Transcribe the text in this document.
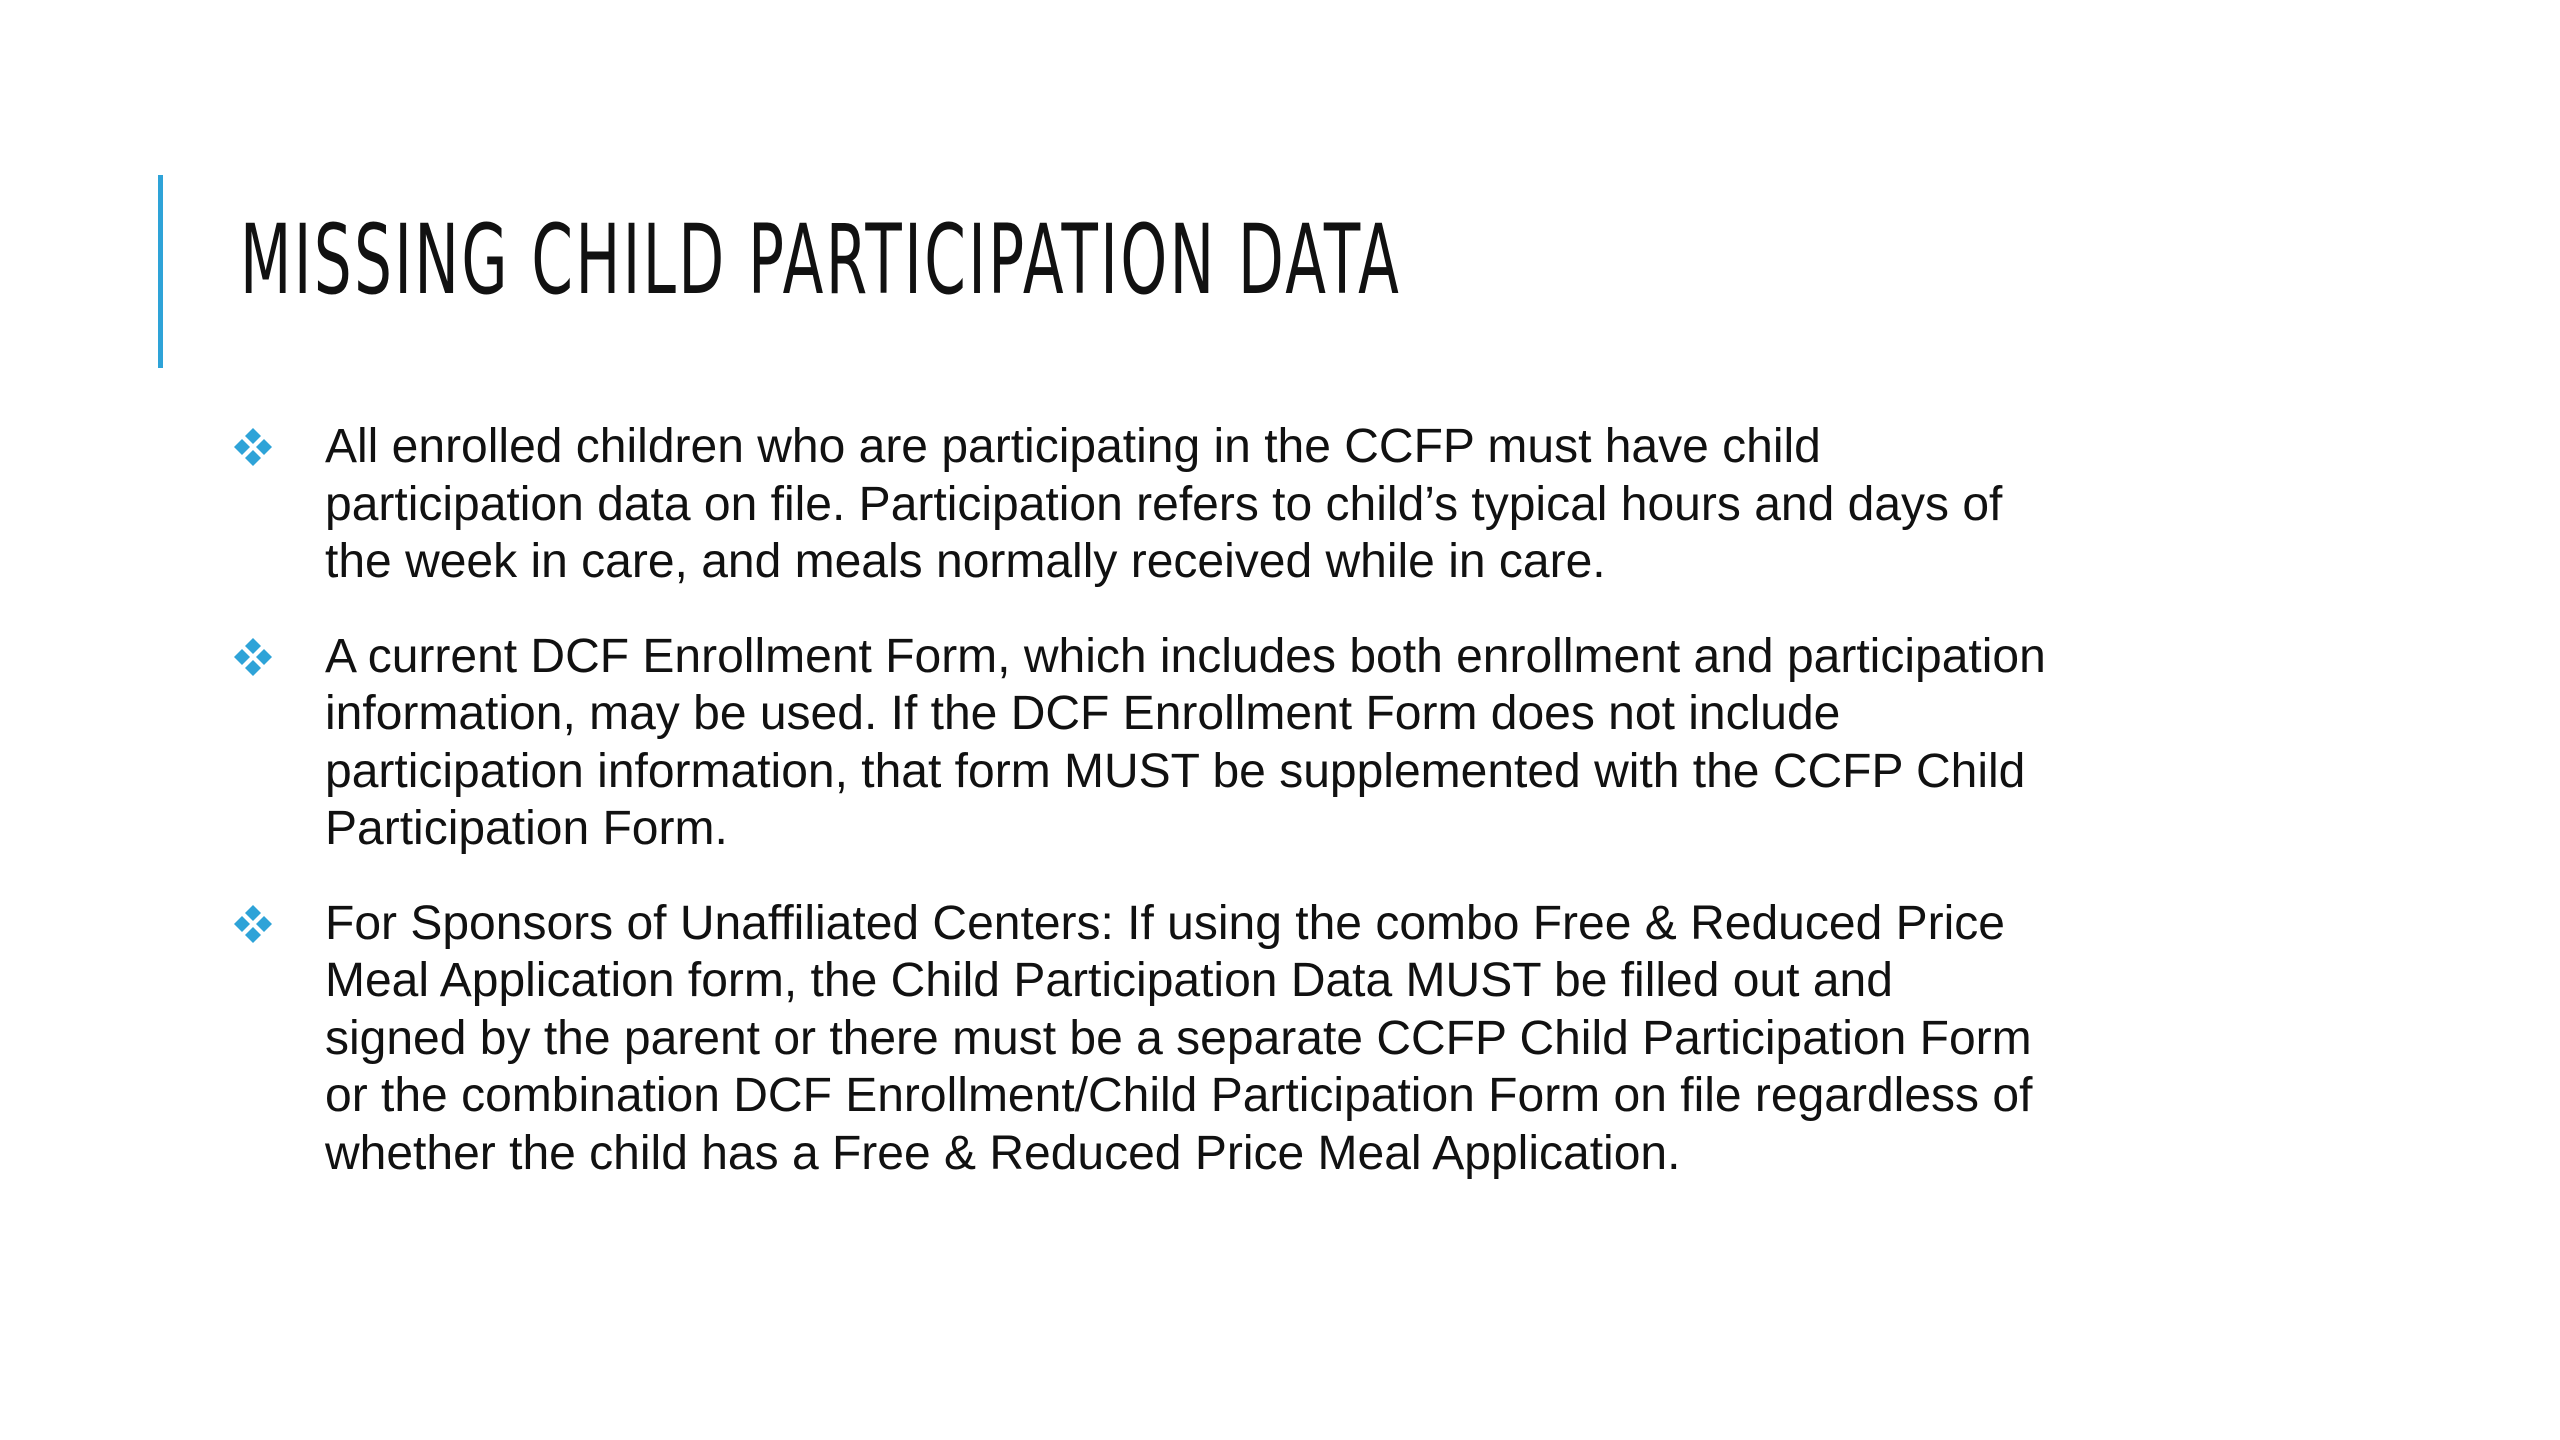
MISSING CHILD PARTICIPATION DATA
All enrolled children who are participating in the CCFP must have child
participation data on file. Participation refers to child’s typical hours and days of
the week in care, and meals normally received while in care.
A current DCF Enrollment Form, which includes both enrollment and participation
information, may be used. If the DCF Enrollment Form does not include
participation information, that form MUST be supplemented with the CCFP Child
Participation Form.
For Sponsors of Unaffiliated Centers: If using the combo Free & Reduced Price
Meal Application form, the Child Participation Data MUST be filled out and
signed by the parent or there must be a separate CCFP Child Participation Form
or the combination DCF Enrollment/Child Participation Form on file regardless of
whether the child has a Free & Reduced Price Meal Application.
